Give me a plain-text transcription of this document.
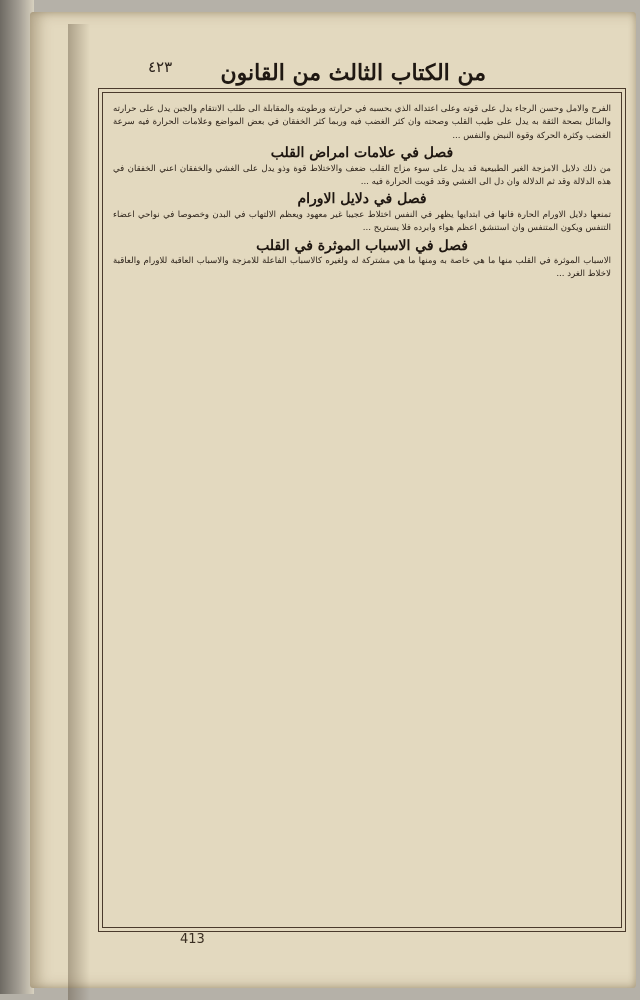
٤٢٣ من الكتاب الثالث من القانون

الفرح والامل وحسن الرجاء يدل على قوته وعلى اعتداله الذي بحسبه في حرارته ورطوبته والمقابلة الى طلب الانتقام والجبن يدل على حرارته والمائل بصحة الثقة به يدل على طيب القلب وصحته وان كثر الغضب فيه وربما كثر الخفقان في بعض المواضع وعلامات الحرارة فيه سرعة الغضب وكثرة الحركة وقوة النبض والنفس ...

فصل في علامات امراض القلب

من ذلك دلايل الامزجة الغير الطبيعية قد يدل على سوء مزاج القلب ضعف والاختلاط قوة وذو يدل على الغشي والخفقان اعني الخفقان في هذه الدلالة وقد ثم الدلالة وان دل الى الغشي وقد قويت الحرارة فيه ...

فصل في دلايل الاورام

تمنعها دلايل الاورام الحارة فانها في ابتدايها يظهر في النفس اختلاط عجيبا غير معهود ويعظم الالتهاب في البدن وخصوصا في نواحي اعضاء التنفس ويكون المتنفس وان استنشق اعظم هواء وابرده فلا يستريح ...

فصل في الاسباب الموثرة في القلب

الاسباب الموثرة في القلب منها ما هي خاصة به ومنها ما هي مشتركة له ولغيره كالاسباب الفاعلة للامزجة والاسباب العاقبة للاورام والعاقبة لاخلاط الغرد ...

413
